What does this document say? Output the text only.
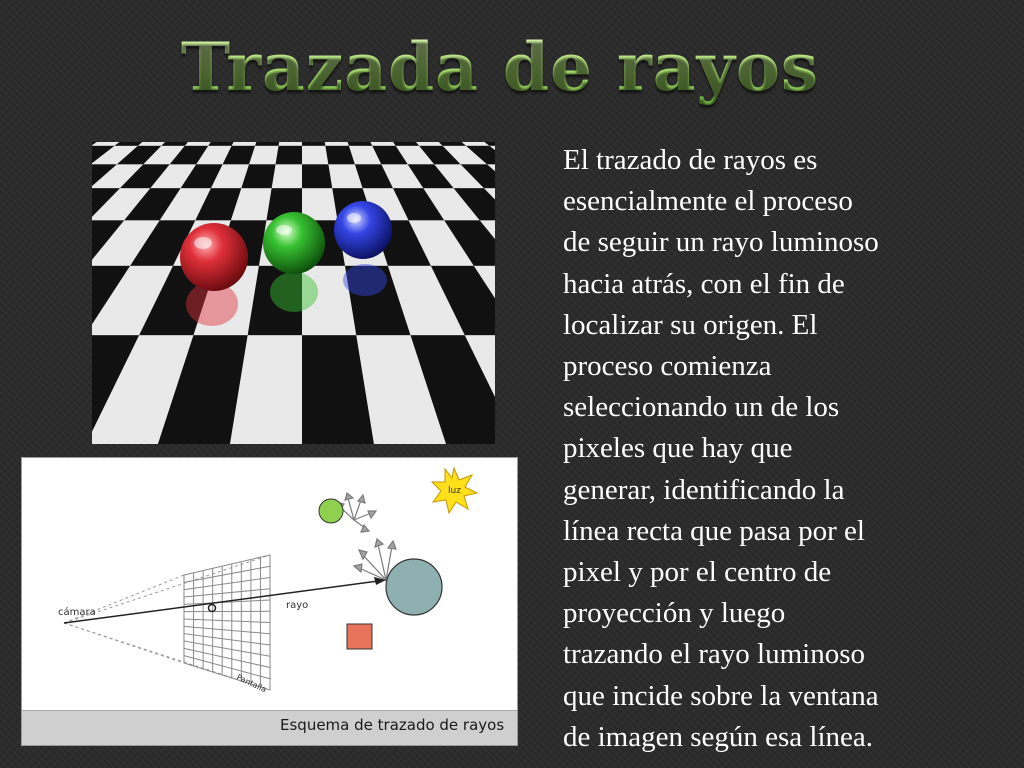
Trazada de rayos
luz
cámara
rayo
Pantalla
Esquema de trazado de rayos

El trazado de rayos es
esencialmente el proceso
de seguir un rayo luminoso
hacia atrás, con el fin de
localizar su origen. El
proceso comienza
seleccionando un de los
pixeles que hay que
generar, identificando la
línea recta que pasa por el
pixel y por el centro de
proyección y luego
trazando el rayo luminoso
que incide sobre la ventana
de imagen según esa línea.
